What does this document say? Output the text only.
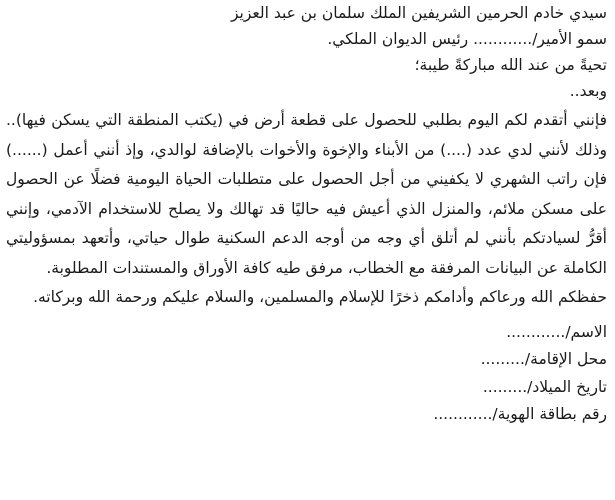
سيدي خادم الحرمين الشريفين الملك سلمان بن عبد العزيز
سمو الأمير/............ رئيس الديوان الملكي.
تحيةً من عند الله مباركةً طيبة؛
وبعد..
فإنني أتقدم لكم اليوم بطلبي للحصول على قطعة أرض في (يكتب المنطقة التي يسكن فيها).. وذلك لأنني لدي عدد (....) من الأبناء والإخوة والأخوات بالإضافة لوالدي، وإذ أنني أعمل (......) فإن راتب الشهري لا يكفيني من أجل الحصول على متطلبات الحياة اليومية فضلًا عن الحصول على مسكن ملائم، والمنزل الذي أعيش فيه حاليًا قد تهالك ولا يصلح للاستخدام الآدمي، وإنني أقرُّ لسيادتكم بأنني لم أتلق أي وجه من أوجه الدعم السكنية طوال حياتي، وأتعهد بمسؤوليتي الكاملة عن البيانات المرفقة مع الخطاب، مرفق طيه كافة الأوراق والمستندات المطلوبة.
حفظكم الله ورعاكم وأدامكم ذخرًا للإسلام والمسلمين، والسلام عليكم ورحمة الله وبركاته.
الاسم/............
محل الإقامة/.........
تاريخ الميلاد/.........
رقم بطاقة الهوية/............
